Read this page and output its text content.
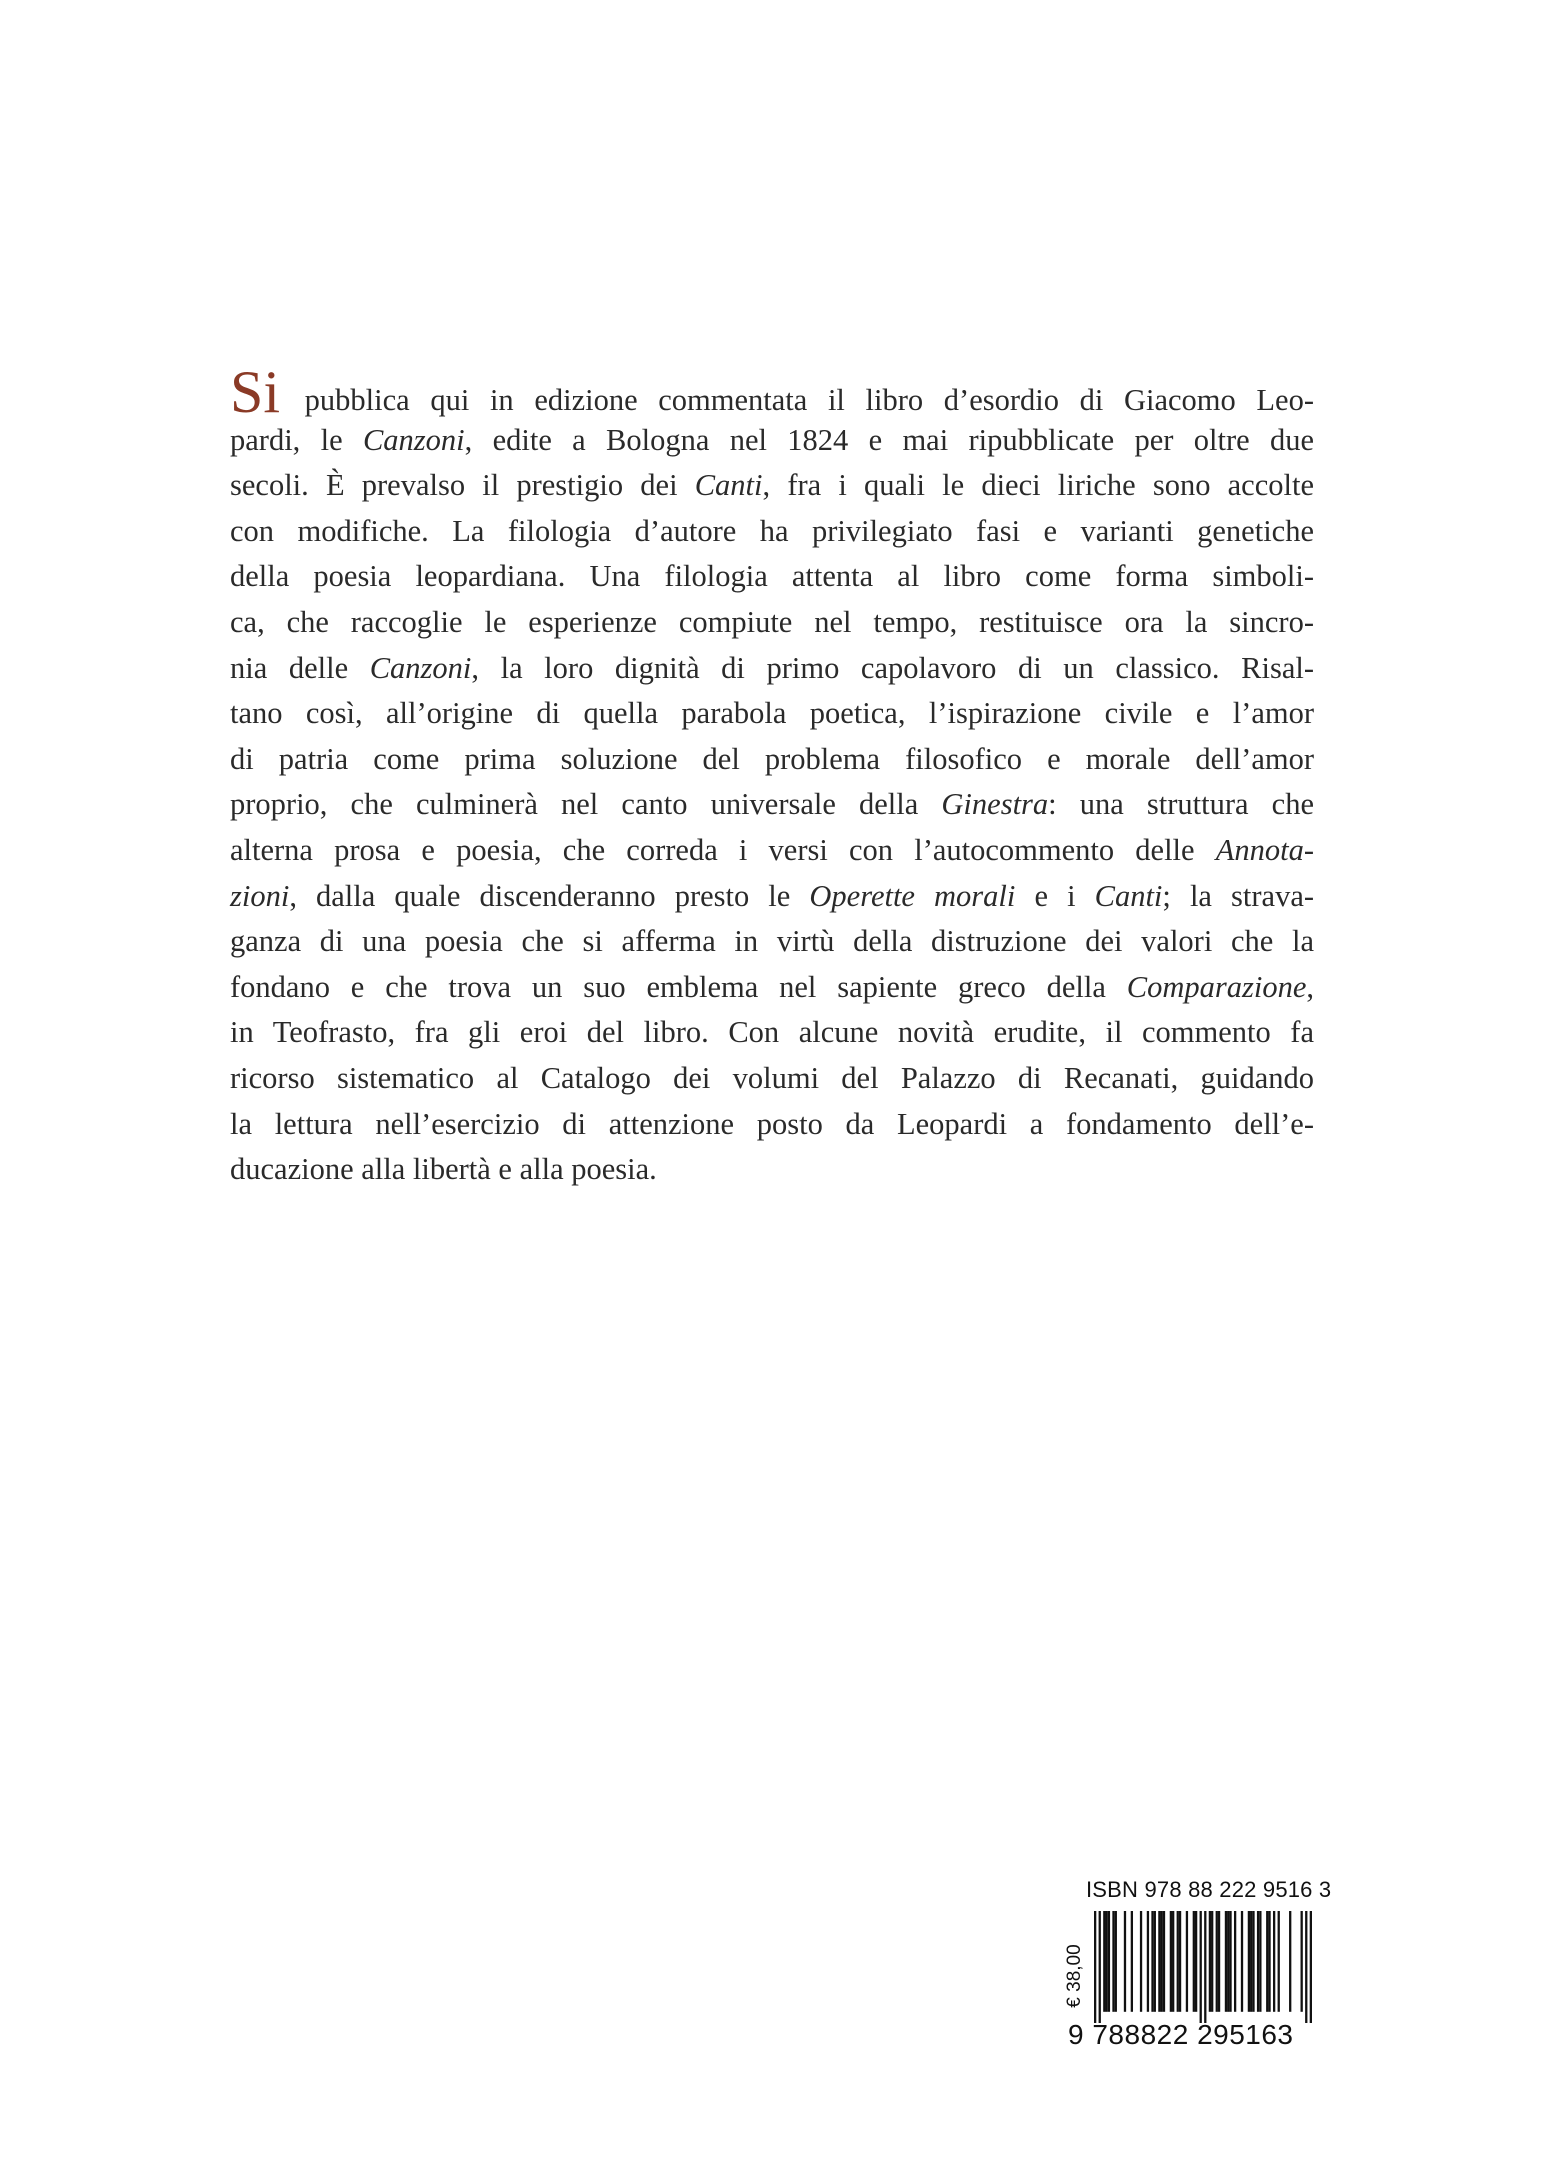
Si pubblica qui in edizione commentata il libro d’esordio di Giacomo Leo-
pardi, le Canzoni, edite a Bologna nel 1824 e mai ripubblicate per oltre due
secoli. È prevalso il prestigio dei Canti, fra i quali le dieci liriche sono accolte
con modifiche. La filologia d’autore ha privilegiato fasi e varianti genetiche
della poesia leopardiana. Una filologia attenta al libro come forma simboli-
ca, che raccoglie le esperienze compiute nel tempo, restituisce ora la sincro-
nia delle Canzoni, la loro dignità di primo capolavoro di un classico. Risal-
tano così, all’origine di quella parabola poetica, l’ispirazione civile e l’amor
di patria come prima soluzione del problema filosofico e morale dell’amor
proprio, che culminerà nel canto universale della Ginestra: una struttura che
alterna prosa e poesia, che correda i versi con l’autocommento delle Annota-
zioni, dalla quale discenderanno presto le Operette morali e i Canti; la strava-
ganza di una poesia che si afferma in virtù della distruzione dei valori che la
fondano e che trova un suo emblema nel sapiente greco della Comparazione,
in Teofrasto, fra gli eroi del libro. Con alcune novità erudite, il commento fa
ricorso sistematico al Catalogo dei volumi del Palazzo di Recanati, guidando
la lettura nell’esercizio di attenzione posto da Leopardi a fondamento dell’e-
ducazione alla libertà e alla poesia.
ISBN 978 88 222 9516 3
€ 38,00
9 788822 295163
